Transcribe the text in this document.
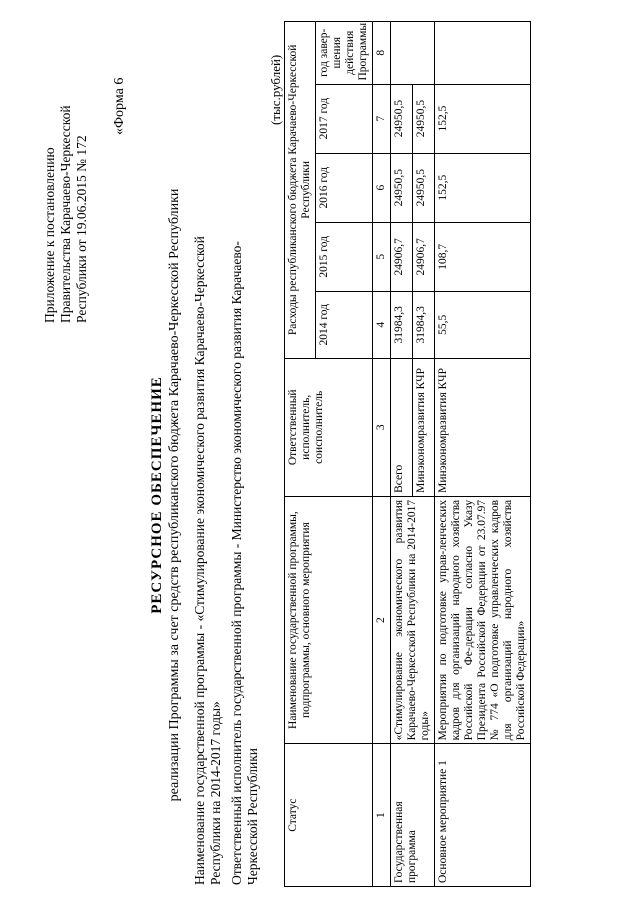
Приложение к постановлению Правительства Карачаево-Черкесской Республики от 19.06.2015 № 172
«Форма 6
РЕСУРСНОЕ ОБЕСПЕЧЕНИЕ реализации Программы за счет средств республиканского бюджета Карачаево-Черкесской Республики Наименование государственной программы - «Стимулирование экономического развития Карачаево-Черкесской Республики на 2014-2017 годы» Ответственный исполнитель государственной программы - Министерство экономического развития Карачаево-Черкесской Республики
(тыс.рублей)
Статус	Наименование государственной программы, подпрограммы, основного мероприятия	Ответственный исполнитель, соисполнитель	Расходы республиканского бюджета Карачаево-Черкесской Республики				
			2014 год	2015 год	2016 год	2017 год	год завер-шения действия Программы
1	2	3	4	5	6	7	8
Государственная программа	«Стимулирование экономического развития Карачаево-Черкесской Республики на 2014-2017 годы»	Всего	31984,3	24906,7	24950,5	24950,5	
		Минэкономразвития КЧР	31984,3	24906,7	24950,5	24950,5	
Основное мероприятие 1	Мероприятия по подготовке управ-ленческих кадров для организаций народного хозяйства Российской Фе-дерации согласно Указу Президента Российской Федерации от 23.07.97 № 774 «О подготовке управленческих кадров для организаций народного хозяйства Российской Федерации»	Минэкономразвития КЧР	55,5	108,7	152,5	152,5	
